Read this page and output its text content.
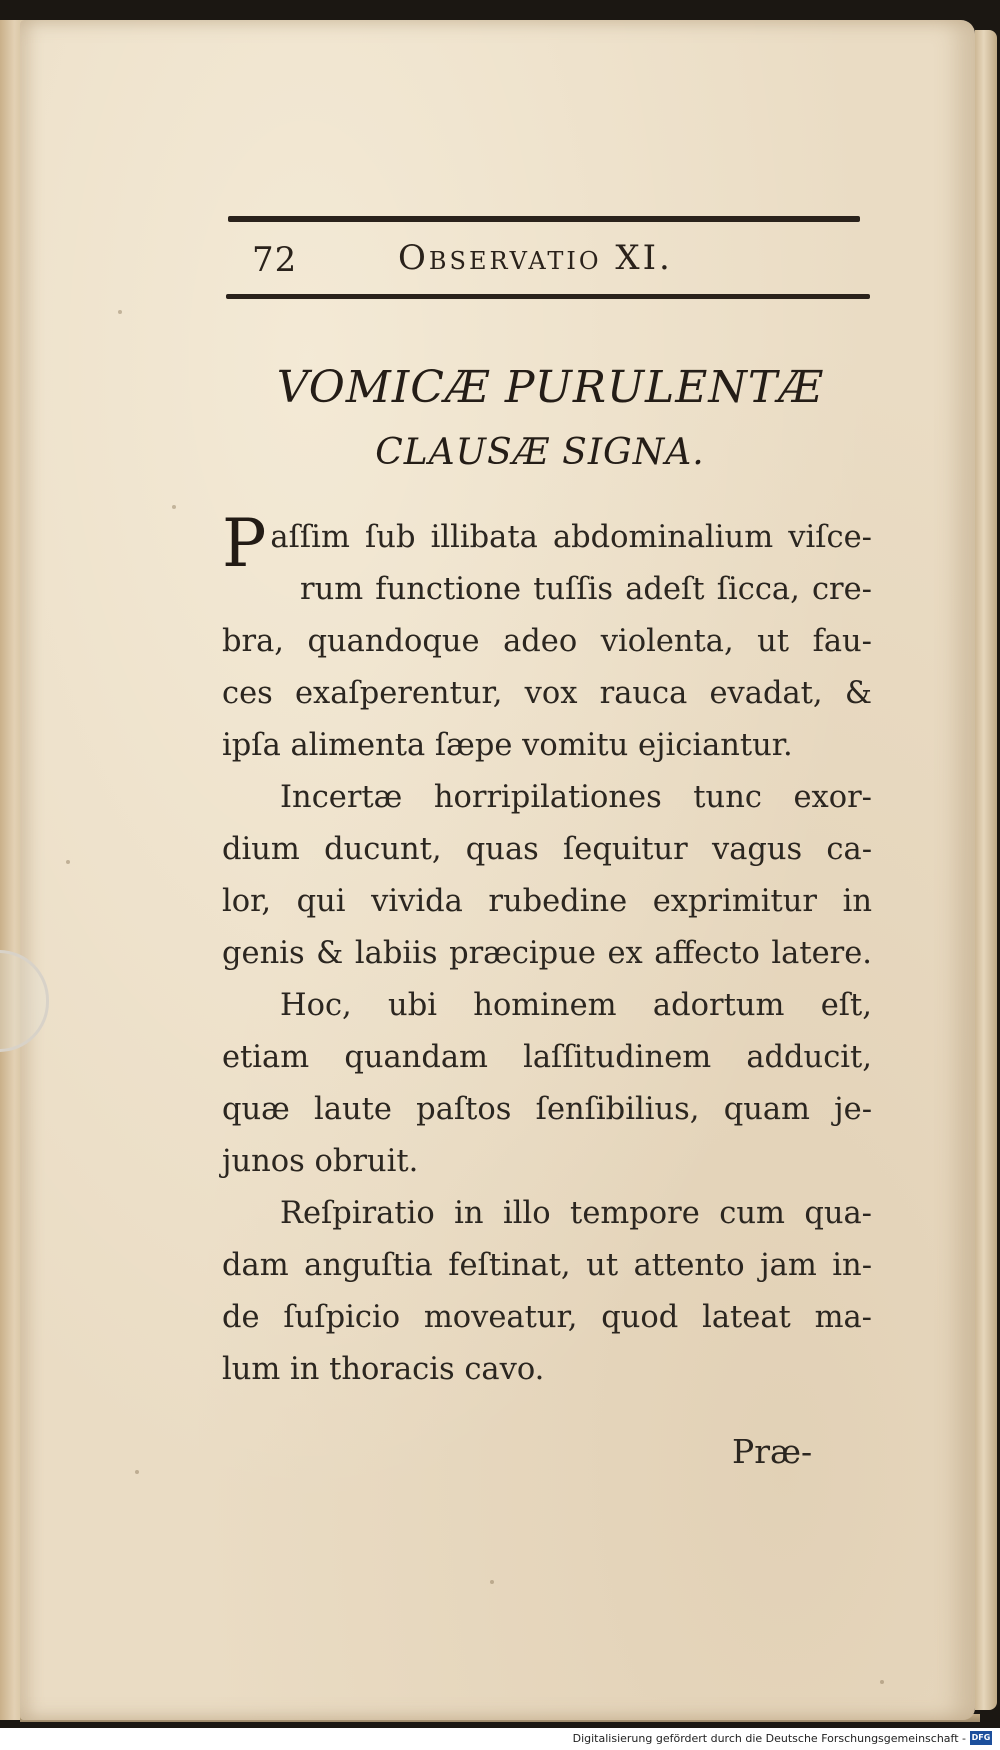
72	Observatio XI.
VOMICÆ PURULENTÆ
CLAUSÆ SIGNA.
P aſſim ſub illibata abdominalium viſce-
rum functione tuſſis adeſt ſicca, cre-
bra, quandoque adeo violenta, ut fau-
ces exaſperentur, vox rauca evadat, &
ipſa alimenta ſæpe vomitu ejiciantur.
Incertæ horripilationes tunc exor-
dium ducunt, quas ſequitur vagus ca-
lor, qui vivida rubedine exprimitur in
genis & labiis præcipue ex affecto latere.
Hoc, ubi hominem adortum eſt,
etiam quandam laſſitudinem adducit,
quæ laute paſtos ſenſibilius, quam je-
junos obruit.
Reſpiratio in illo tempore cum qua-
dam anguſtia feſtinat, ut attento jam in-
de ſuſpicio moveatur, quod lateat ma-
lum in thoracis cavo.
Præ-
Digitalisierung gefördert durch die Deutsche Forschungsgemeinschaft - DFG
